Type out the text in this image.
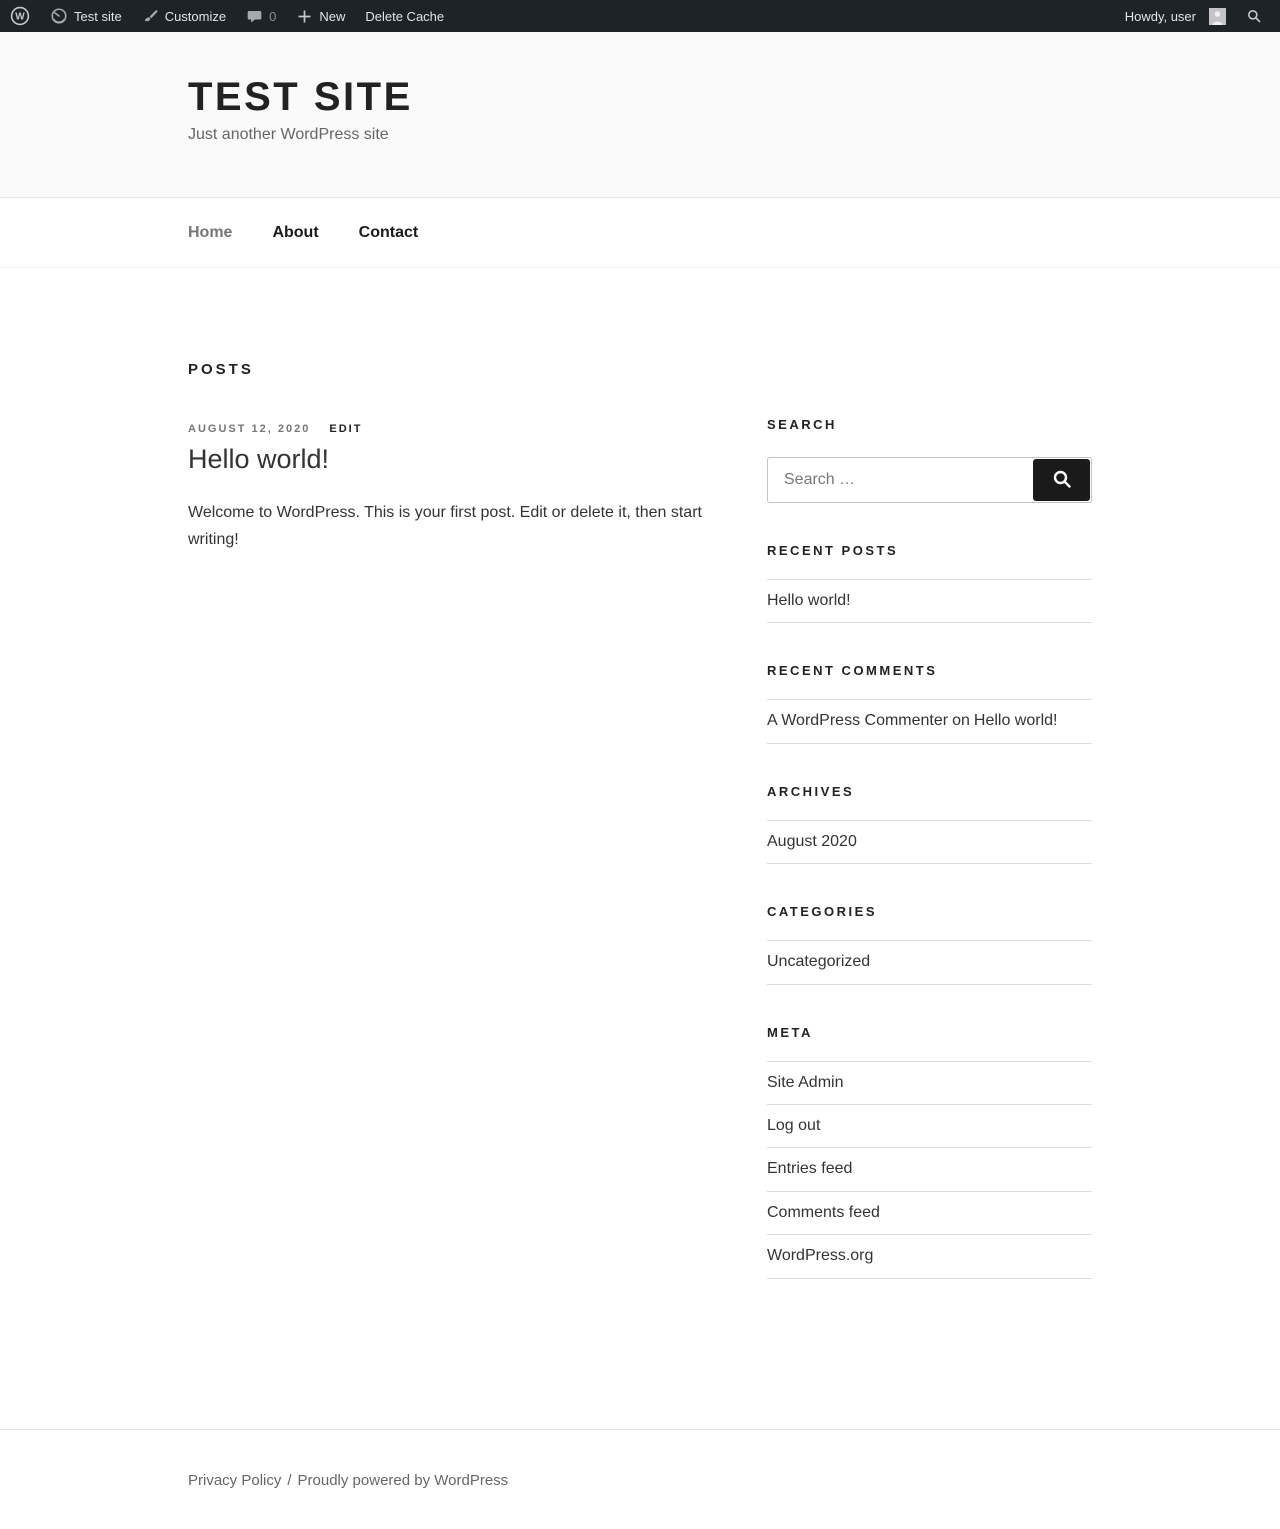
W	Test site	Customize	0	New Delete Cache	Howdy, user
TEST SITE
Just another WordPress site
Home	About	Contact
POSTS
AUGUST 12, 2020 EDIT
Hello world!

Welcome to WordPress. This is your first post. Edit or delete it, then start writing!

SEARCH
Search …
RECENT POSTS
Hello world!
RECENT COMMENTS
A WordPress Commenter on Hello world!
ARCHIVES
August 2020
CATEGORIES
Uncategorized
META
Site Admin
Log out
Entries feed
Comments feed
WordPress.org
Privacy Policy / Proudly powered by WordPress
